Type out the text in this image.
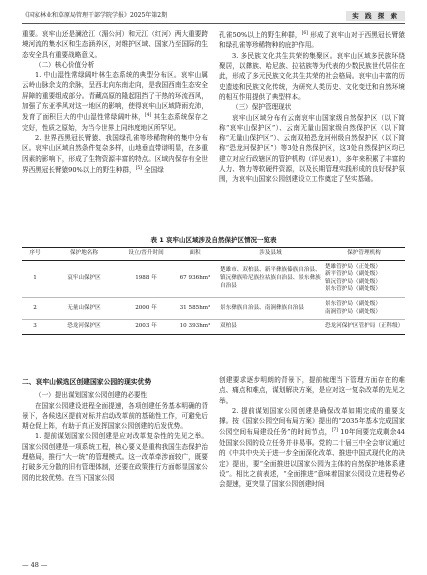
《国家林业和草原局管理干部学院学报》2025年第2期	实 践 探 索

重要。哀牢山还是澜沧江（湄公河）和元江（红河）两大重要跨境河流的集水区和生态涵养区，对维护区域、国家乃至国际的生态安全具有重要战略意义。

（二）核心价值分析

1. 中山湿性常绿阔叶林生态系统的典型分布区。哀牢山属云岭山脉余支的余脉，呈西北向东南走向，是我国西南生态安全屏障的重要组成部分。青藏高原的隆起阻挡了干热的环流西风，加强了东亚季风对这一地区的影响，使得哀牢山区域降雨充沛，发育了面积巨大的中山湿性常绿阔叶林，[4] 其生态系统保存之完好，性质之原始，为当今世界上同纬度地区所罕见。

2. 世界西黑冠长臂猿、我国绿孔雀等珍稀物种的集中分布区。哀牢山区域自然条件复杂多样，山地垂直带谱明显，在多重因素的影响下，形成了生物资源丰富的特点。区域内保存有全世界西黑冠长臂猿90%以上的野生种群，[5] 全国绿

孔雀50%以上的野生种群，[6] 形成了哀牢山对于西黑冠长臂猿和绿孔雀等珍稀物种的庇护作用。

3. 多民族文化共生共荣的集聚区。哀牢山区域多民族环绕聚居，以彝族、哈尼族、拉祜族等为代表的少数民族世代居住在此，形成了多元民族文化共生共荣的社会格局。哀牢山丰富的历史遗迹和民族文化传统，为研究人类历史、文化变迁和自然环境的相互作用提供了典型样本。

（三）保护管理现状

哀牢山区域分布有云南哀牢山国家级自然保护区（以下简称“哀牢山保护区”）、云南无量山国家级自然保护区（以下简称“无量山保护区”）、云南双柏恐龙河州级自然保护区（以下简称“恐龙河保护区”）等3处自然保护区，这3处自然保护区均已建立对应行政辖区的管护机构（详见表1），多年来积累了丰富的人力、物力等软硬件资源，以及长期管理实践形成的良好保护氛围，为哀牢山国家公园创建设立工作奠定了坚实基础。

表 1 哀牢山区域涉及自然保护区情况一览表
序号	保护地名称	设立/晋升时间	面积	涉及县域	保护管理机构
1	哀牢山保护区	1988 年	67 936hm²	楚雄市、双柏县、新平彝族傣族自治县、镇沅彝族哈尼族拉祜族自治县、景东彝族自治县	楚雄管护局（正处级）
新平管护局（副处级）
镇沅管护局（副处级）
景东管护局（副处级）

2	无量山保护区	2000 年	31 585hm²	景东彝族自治县、南涧彝族自治县	景东管护局（副处级）
南涧管护局（副处级）

3	恐龙河保护区	2003 年	10 393hm²	双柏县	恐龙河保护区管护局（正科级）

二、哀牢山候选区创建国家公园的现实优势

（一）提出谋划国家公园创建的必要性

在国家公园建设进程全面提速，各项创建任务基本明确的背景下，各候选区提前对标并启动改革前的基础性工作，可避免后期仓促上阵，有助于真正发挥国家公园创建的后发优势。

1. 提前谋划国家公园创建是应对改革复杂性的先见之举。国家公园创建是一项系统工程，核心要义是重构我国生态保护治理格局，推行“大一统”的管理模式。这一改革牵涉面较广，既要打破多元分散的旧有管理体制，还要在政策推行方面彰显国家公园的比较优势。在当下国家公园

创建要求逐步明朗的背景下，提前梳理当下管理方面存在的难点、痛点和难点，谋划解决方案，是应对这一复杂改革的先见之举。

2. 提前谋划国家公园创建是确保改革如期完成的重要支撑。按《国家公园空间布局方案》提出的“2035年基本完成国家公园空间布局建设任务”的时间节点，[7] 10年间要完成剩余44处国家公园的设立任务并非易事。党的二十届三中全会审议通过的《中共中央关于进一步全面深化改革、推进中国式现代化的决定》提出，要“全面推进以国家公园为主体的自然保护地体系建设”。相比之前表述，“全面推进”意味着国家公园设立进程势必会提速，更突显了国家公园创建时间

— 48 —
